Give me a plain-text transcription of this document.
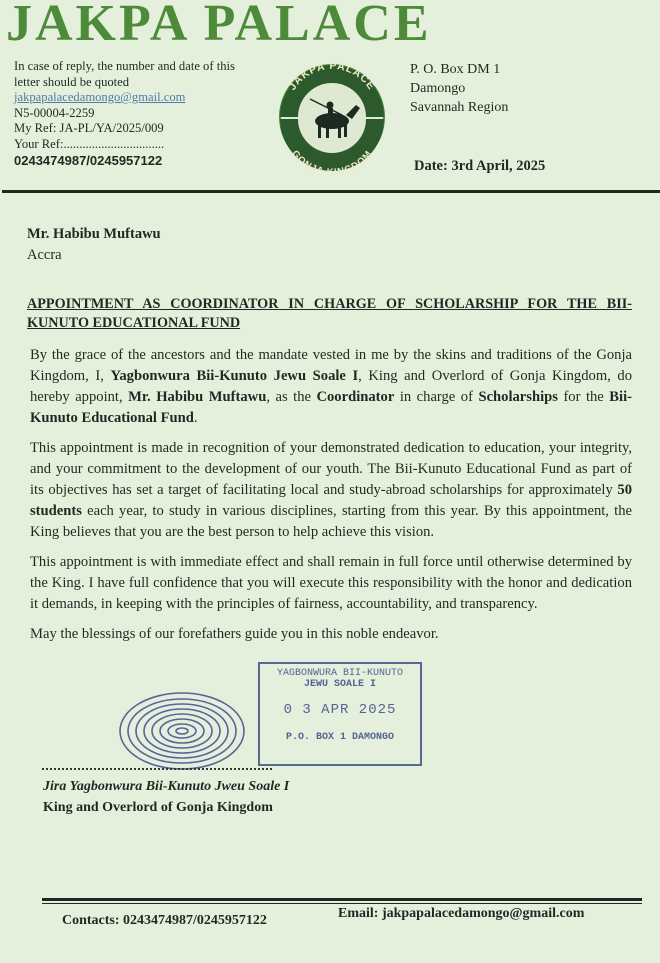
JAKPA PALACE
In case of reply, the number and date of this letter should be quoted
jakpapalacedamongo@gmail.com
N5-00004-2259
My Ref: JA-PL/YA/2025/009
Your Ref:................................
0243474987/0245957122
JAKPA PALACE
GONJA KINGDOM
P. O. Box DM 1
Damongo
Savannah Region
Date: 3rd April, 2025
Mr. Habibu Muftawu
Accra
APPOINTMENT AS COORDINATOR IN CHARGE OF SCHOLARSHIP FOR THE BII-KUNUTO EDUCATIONAL FUND

By the grace of the ancestors and the mandate vested in me by the skins and traditions of the Gonja Kingdom, I, Yagbonwura Bii-Kunuto Jewu Soale I, King and Overlord of Gonja Kingdom, do hereby appoint, Mr. Habibu Muftawu, as the Coordinator in charge of Scholarships for the Bii-Kunuto Educational Fund.

This appointment is made in recognition of your demonstrated dedication to education, your integrity, and your commitment to the development of our youth. The Bii-Kunuto Educational Fund as part of its objectives has set a target of facilitating local and study-abroad scholarships for approximately 50 students each year, to study in various disciplines, starting from this year. By this appointment, the King believes that you are the best person to help achieve this vision.

This appointment is with immediate effect and shall remain in full force until otherwise determined by the King. I have full confidence that you will execute this responsibility with the honor and dedication it demands, in keeping with the principles of fairness, accountability, and transparency.

May the blessings of our forefathers guide you in this noble endeavor.

YAGBONWURA BII-KUNUTO
JEWU SOALE I
0 3 APR 2025
P.O. BOX 1 DAMONGO
Jira Yagbonwura Bii-Kunuto Jweu Soale I
King and Overlord of Gonja Kingdom
Contacts: 0243474987/0245957122	Email: jakpapalacedamongo@gmail.com
